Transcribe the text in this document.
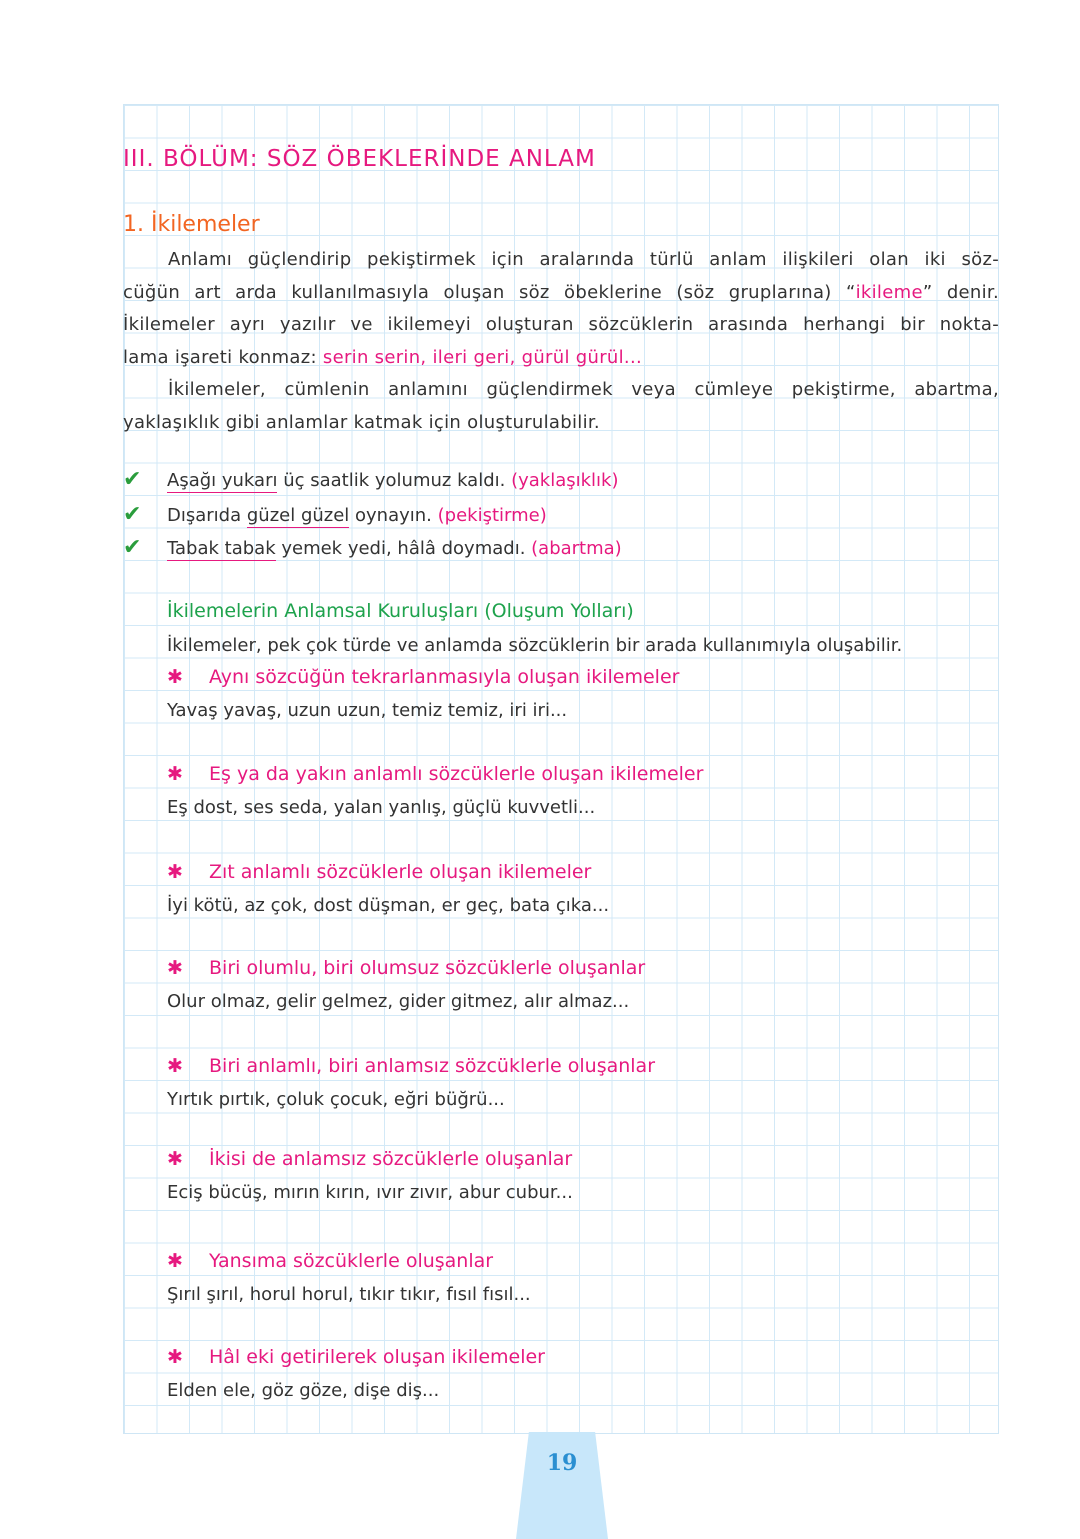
III. BÖLÜM: SÖZ ÖBEKLERİNDE ANLAM
1. İkilemeler
Anlamı güçlendirip pekiştirmek için aralarında türlü anlam ilişkileri olan iki söz-
cüğün art arda kullanılmasıyla oluşan söz öbeklerine (söz gruplarına) “ikileme” denir.
İkilemeler ayrı yazılır ve ikilemeyi oluşturan sözcüklerin arasında herhangi bir nokta-
lama işareti konmaz: serin serin, ileri geri, gürül gürül...
İkilemeler, cümlenin anlamını güçlendirmek veya cümleye pekiştirme, abartma,
yaklaşıklık gibi anlamlar katmak için oluşturulabilir.
✔ Aşağı yukarı üç saatlik yolumuz kaldı. (yaklaşıklık)
✔ Dışarıda güzel güzel oynayın. (pekiştirme)
✔ Tabak tabak yemek yedi, hâlâ doymadı. (abartma)
İkilemelerin Anlamsal Kuruluşları (Oluşum Yolları)
İkilemeler, pek çok türde ve anlamda sözcüklerin bir arada kullanımıyla oluşabilir.
✱ Aynı sözcüğün tekrarlanmasıyla oluşan ikilemeler
Yavaş yavaş, uzun uzun, temiz temiz, iri iri...
✱ Eş ya da yakın anlamlı sözcüklerle oluşan ikilemeler
Eş dost, ses seda, yalan yanlış, güçlü kuvvetli...
✱ Zıt anlamlı sözcüklerle oluşan ikilemeler
İyi kötü, az çok, dost düşman, er geç, bata çıka...
✱ Biri olumlu, biri olumsuz sözcüklerle oluşanlar
Olur olmaz, gelir gelmez, gider gitmez, alır almaz...
✱ Biri anlamlı, biri anlamsız sözcüklerle oluşanlar
Yırtık pırtık, çoluk çocuk, eğri büğrü...
✱ İkisi de anlamsız sözcüklerle oluşanlar
Eciş bücüş, mırın kırın, ıvır zıvır, abur cubur...
✱ Yansıma sözcüklerle oluşanlar
Şırıl şırıl, horul horul, tıkır tıkır, fısıl fısıl...
✱ Hâl eki getirilerek oluşan ikilemeler
Elden ele, göz göze, dişe diş...
19
